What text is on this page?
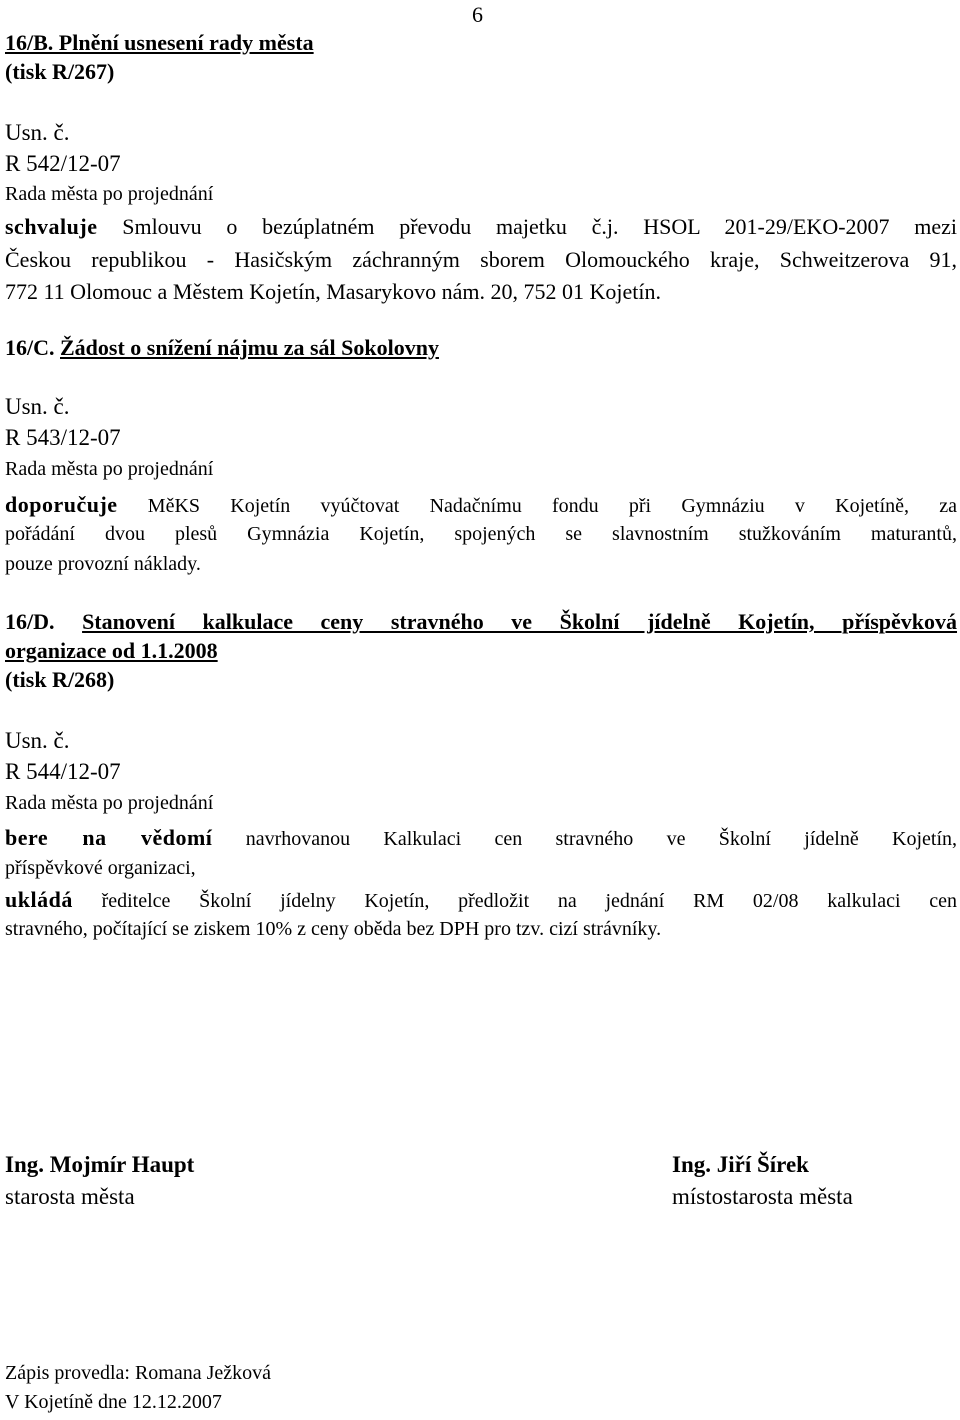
6
16/B. Plnění usnesení rady města
(tisk R/267)
Usn. č.
R 542/12-07
Rada města po projednání
schvaluje Smlouvu o bezúplatném převodu majetku č.j. HSOL 201-29/EKO-2007 mezi
Českou republikou - Hasičským záchranným sborem Olomouckého kraje, Schweitzerova 91,
772 11 Olomouc a Městem Kojetín, Masarykovo nám. 20, 752 01 Kojetín.
16/C. Žádost o snížení nájmu za sál Sokolovny
Usn. č.
R 543/12-07
Rada města po projednání
doporučuje MěKS Kojetín vyúčtovat Nadačnímu fondu při Gymnáziu v Kojetíně, za
pořádání dvou plesů Gymnázia Kojetín, spojených se slavnostním stužkováním maturantů,
pouze provozní náklady.
16/D. Stanovení kalkulace ceny stravného ve Školní jídelně Kojetín, příspěvková
organizace od 1.1.2008
(tisk R/268)
Usn. č.
R 544/12-07
Rada města po projednání
bere na vědomí navrhovanou Kalkulaci cen stravného ve Školní jídelně Kojetín,
příspěvkové organizaci,
ukládá ředitelce Školní jídelny Kojetín, předložit na jednání RM 02/08 kalkulaci cen
stravného, počítající se ziskem 10% z ceny oběda bez DPH pro tzv. cizí strávníky.
Ing. Mojmír Haupt
starosta města
Ing. Jiří Šírek
místostarosta města
Zápis provedla: Romana Ježková
V Kojetíně dne 12.12.2007
